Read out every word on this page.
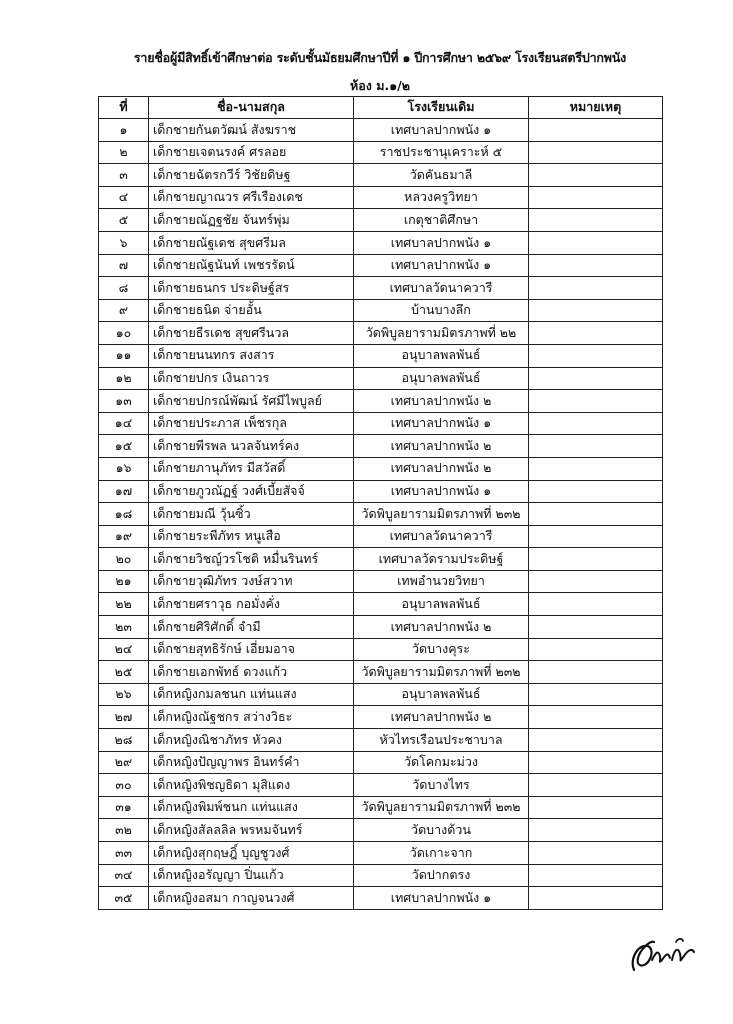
รายชื่อผู้มีสิทธิ์เข้าศึกษาต่อ ระดับชั้นมัธยมศึกษาปีที่ ๑ ปีการศึกษา ๒๕๖๙ โรงเรียนสตรีปากพนัง
ห้อง ม.๑/๒
ที่	ชื่อ-นามสกุล	โรงเรียนเดิม	หมายเหตุ
๑	เด็กชายกันตวัฒน์ สังฆราช	เทศบาลปากพนัง ๑	
๒	เด็กชายเจตนรงค์ ศรลอย	ราชประชานุเคราะห์ ๕	
๓	เด็กชายฉัตรกวีร์ วิชัยดิษฐ	วัดคันธมาลี	
๔	เด็กชายญาณวร ศรีเรืองเดช	หลวงครูวิทยา	
๕	เด็กชายณัฏฐชัย จันทร์พุ่ม	เกตุชาติศึกษา	
๖	เด็กชายณัฐเดช สุขศรีมล	เทศบาลปากพนัง ๑	
๗	เด็กชายณัฐนันท์ เพชรรัตน์	เทศบาลปากพนัง ๑	
๘	เด็กชายธนกร ประดิษฐ์สร	เทศบาลวัดนาควารี	
๙	เด็กชายธนิต จ่ายอั้น	บ้านบางลึก	
๑๐	เด็กชายธีรเดช สุขศรีนวล	วัดพิบูลยารามมิตรภาพที่ ๒๒	
๑๑	เด็กชายนนทกร สงสาร	อนุบาลพลพันธ์	
๑๒	เด็กชายปกร เงินถาวร	อนุบาลพลพันธ์	
๑๓	เด็กชายปกรณ์พัฒน์ รัศมีไพบูลย์	เทศบาลปากพนัง ๒	
๑๔	เด็กชายประภาส เพ็ชรกุล	เทศบาลปากพนัง ๑	
๑๕	เด็กชายพีรพล นวลจันทร์คง	เทศบาลปากพนัง ๒	
๑๖	เด็กชายภานุภัทร มีสวัสดิ์	เทศบาลปากพนัง ๒	
๑๗	เด็กชายภูวณัฏฐ์ วงศ์เบี้ยสัจจ์	เทศบาลปากพนัง ๑	
๑๘	เด็กชายมณี วุ้นซิ้ว	วัดพิบูลยารามมิตรภาพที่ ๒๓๒	
๑๙	เด็กชายระพีภัทร หนูเสือ	เทศบาลวัดนาควารี	
๒๐	เด็กชายวิชญ์วรโชติ หมื่นรินทร์	เทศบาลวัดรามประดิษฐ์	
๒๑	เด็กชายวุฒิภัทร วงษ์สวาท	เทพอำนวยวิทยา	
๒๒	เด็กชายศราวุธ กอมั่งคั่ง	อนุบาลพลพันธ์	
๒๓	เด็กชายศิริศักดิ์ จำมี	เทศบาลปากพนัง ๒	
๒๔	เด็กชายสุทธิรักษ์ เอี่ยมอาจ	วัดบางคุระ	
๒๕	เด็กชายเอกพัทธ์ ดวงแก้ว	วัดพิบูลยารามมิตรภาพที่ ๒๓๒	
๒๖	เด็กหญิงกมลชนก แท่นแสง	อนุบาลพลพันธ์	
๒๗	เด็กหญิงณัฐชกร สว่างวิธะ	เทศบาลปากพนัง ๒	
๒๘	เด็กหญิงณิชาภัทร หัวคง	หัวไทรเรือนประชาบาล	
๒๙	เด็กหญิงปัญญาพร อินทร์คำ	วัดโคกมะม่วง	
๓๐	เด็กหญิงพิชญธิดา มุสิแดง	วัดบางไทร	
๓๑	เด็กหญิงพิมพ์ชนก แท่นแสง	วัดพิบูลยารามมิตรภาพที่ ๒๓๒	
๓๒	เด็กหญิงสัลลลิล พรหมจันทร์	วัดบางด้วน	
๓๓	เด็กหญิงสุกฤษฎิ์ บุญชูวงศ์	วัดเกาะจาก	
๓๔	เด็กหญิงอรัญญา ปิ่นแก้ว	วัดปากตรง	
๓๕	เด็กหญิงอสมา กาญจนวงศ์	เทศบาลปากพนัง ๑	
